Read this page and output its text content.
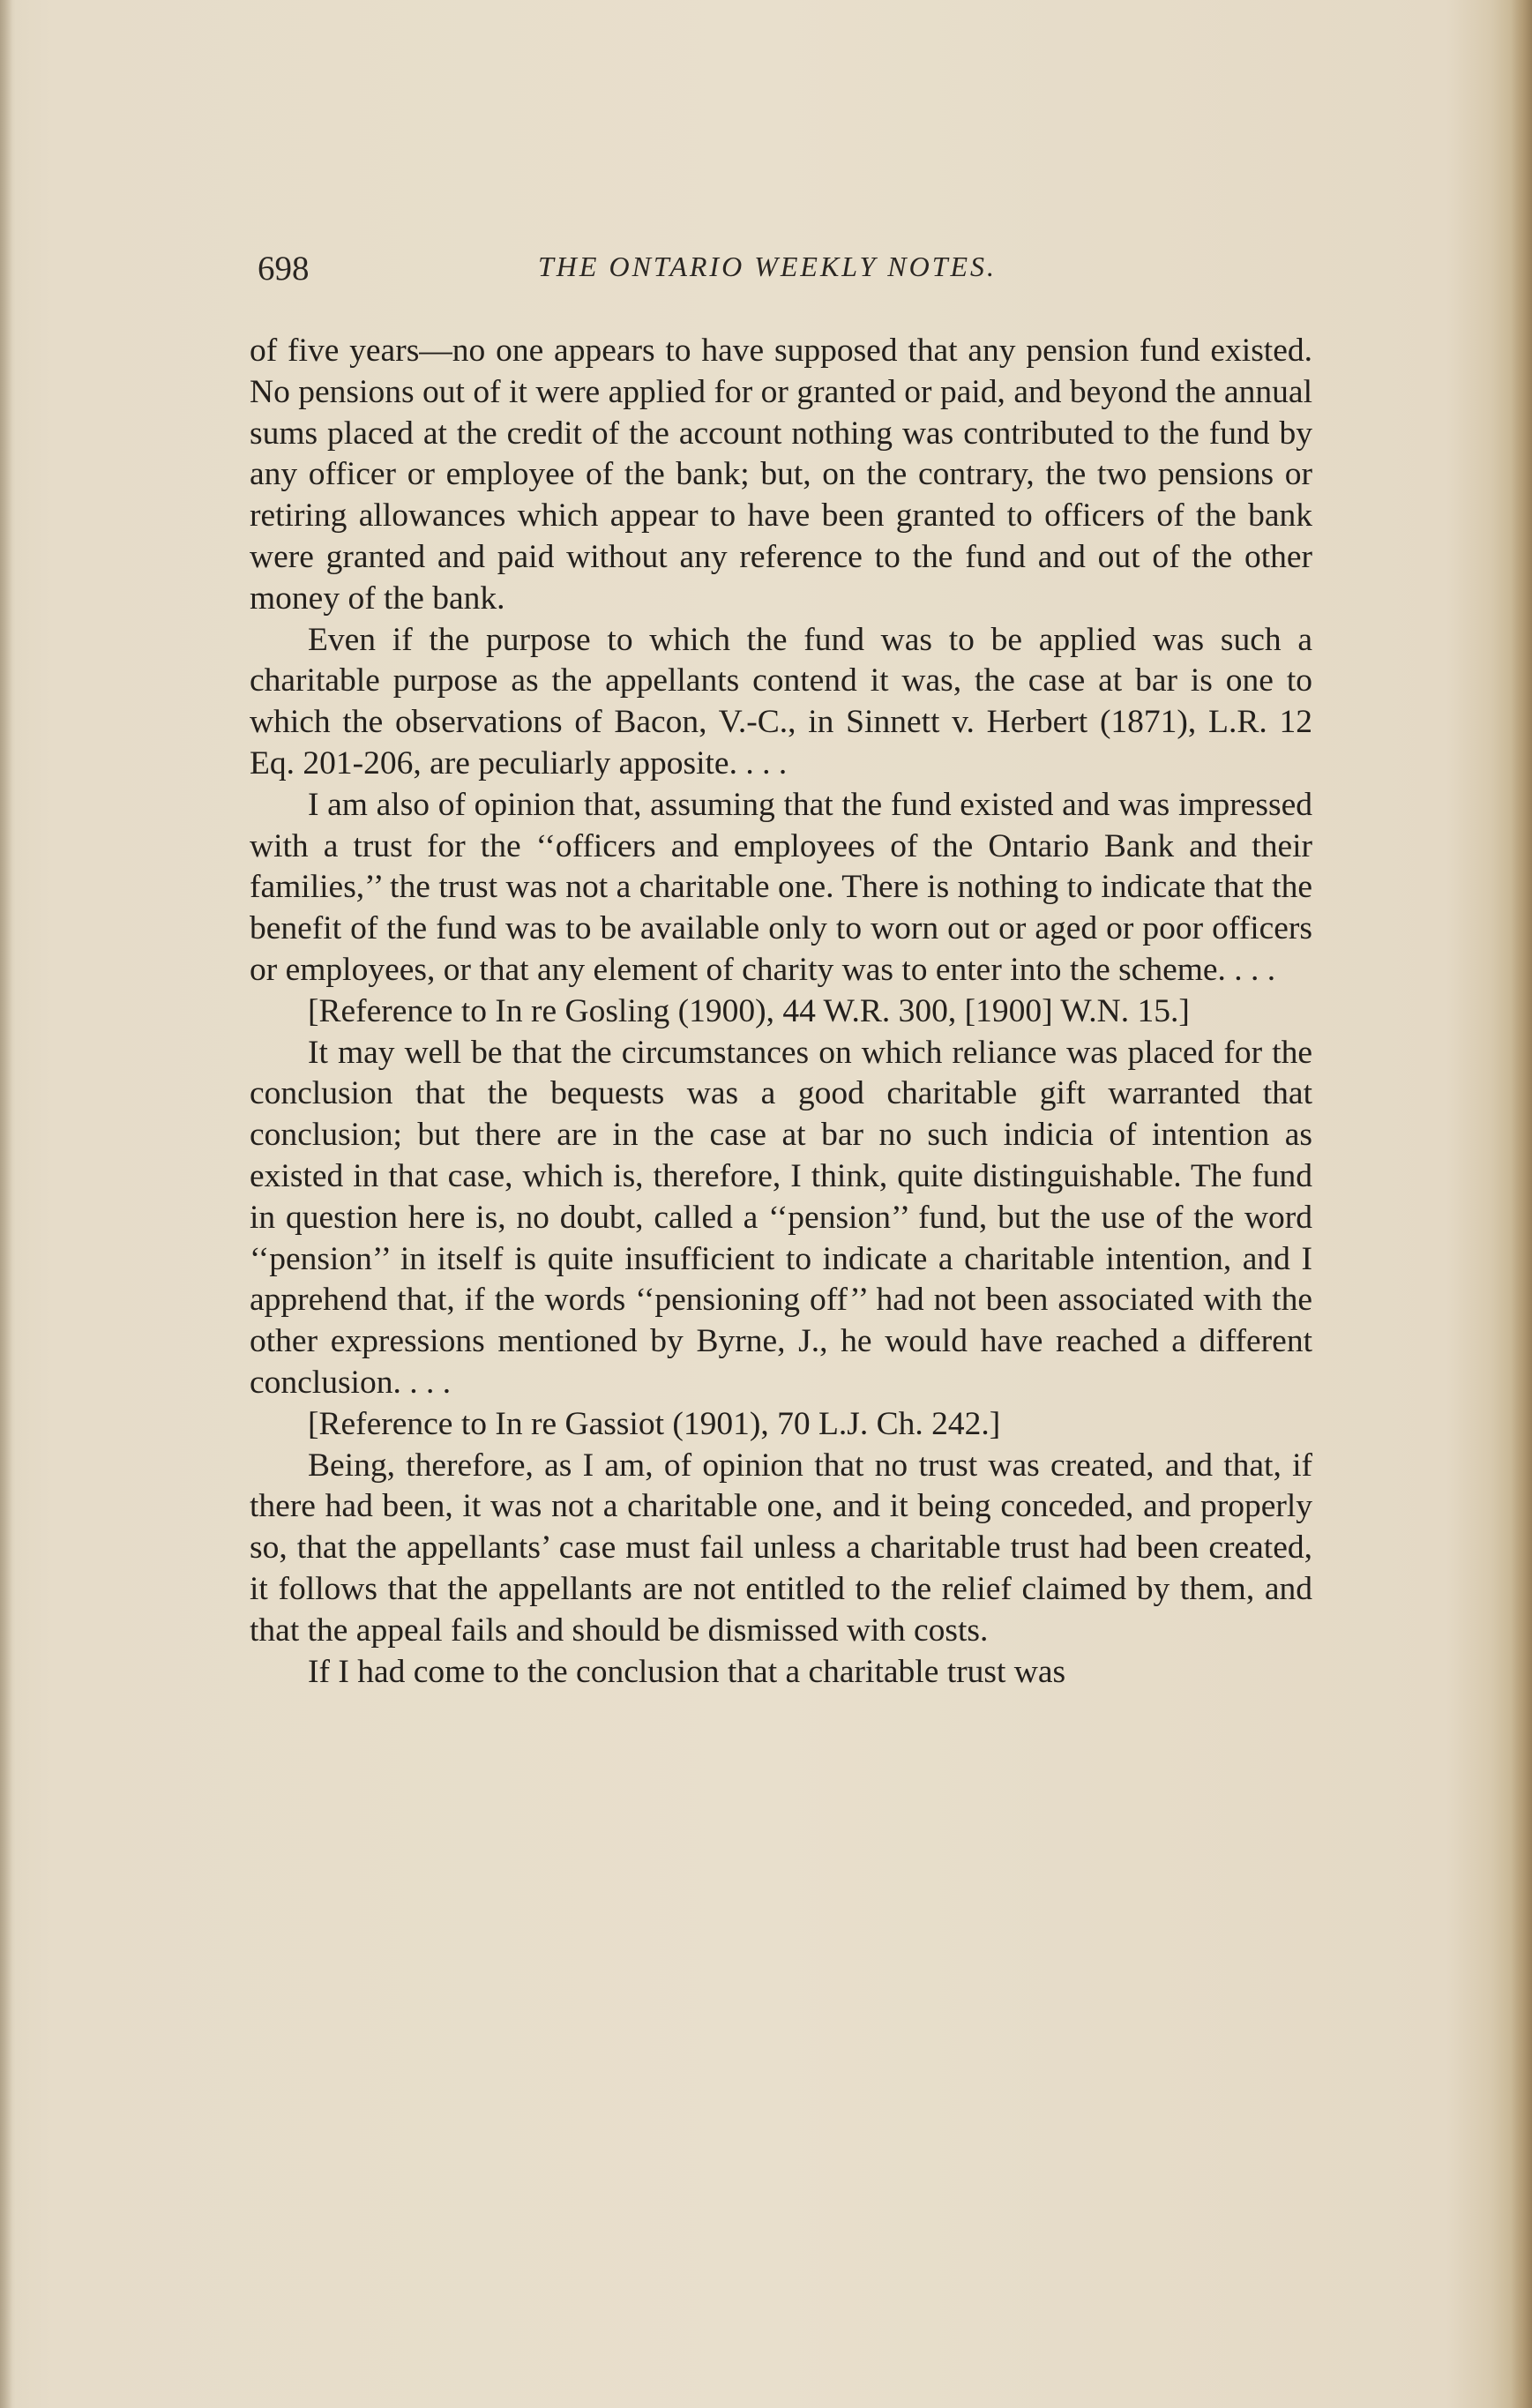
698	THE ONTARIO WEEKLY NOTES.

of five years—no one appears to have supposed that any pension fund existed. No pensions out of it were applied for or granted or paid, and beyond the annual sums placed at the credit of the account nothing was contributed to the fund by any officer or employee of the bank; but, on the contrary, the two pensions or retiring allowances which appear to have been granted to officers of the bank were granted and paid without any reference to the fund and out of the other money of the bank.

Even if the purpose to which the fund was to be applied was such a charitable purpose as the appellants contend it was, the case at bar is one to which the observations of Bacon, V.-C., in Sinnett v. Herbert (1871), L.R. 12 Eq. 201-206, are peculiarly apposite. . . .

I am also of opinion that, assuming that the fund existed and was impressed with a trust for the ‘‘officers and employees of the Ontario Bank and their families,’’ the trust was not a charitable one. There is nothing to indicate that the benefit of the fund was to be available only to worn out or aged or poor officers or employees, or that any element of charity was to enter into the scheme. . . .

[Reference to In re Gosling (1900), 44 W.R. 300, [1900] W.N. 15.]

It may well be that the circumstances on which reliance was placed for the conclusion that the bequests was a good charitable gift warranted that conclusion; but there are in the case at bar no such indicia of intention as existed in that case, which is, therefore, I think, quite distinguishable. The fund in question here is, no doubt, called a ‘‘pension’’ fund, but the use of the word ‘‘pension’’ in itself is quite insufficient to indicate a charitable intention, and I apprehend that, if the words ‘‘pensioning off’’ had not been associated with the other expressions mentioned by Byrne, J., he would have reached a different conclusion. . . .

[Reference to In re Gassiot (1901), 70 L.J. Ch. 242.]

Being, therefore, as I am, of opinion that no trust was created, and that, if there had been, it was not a charitable one, and it being conceded, and properly so, that the appellants’ case must fail unless a charitable trust had been created, it follows that the appellants are not entitled to the relief claimed by them, and that the appeal fails and should be dismissed with costs.

If I had come to the conclusion that a charitable trust was
